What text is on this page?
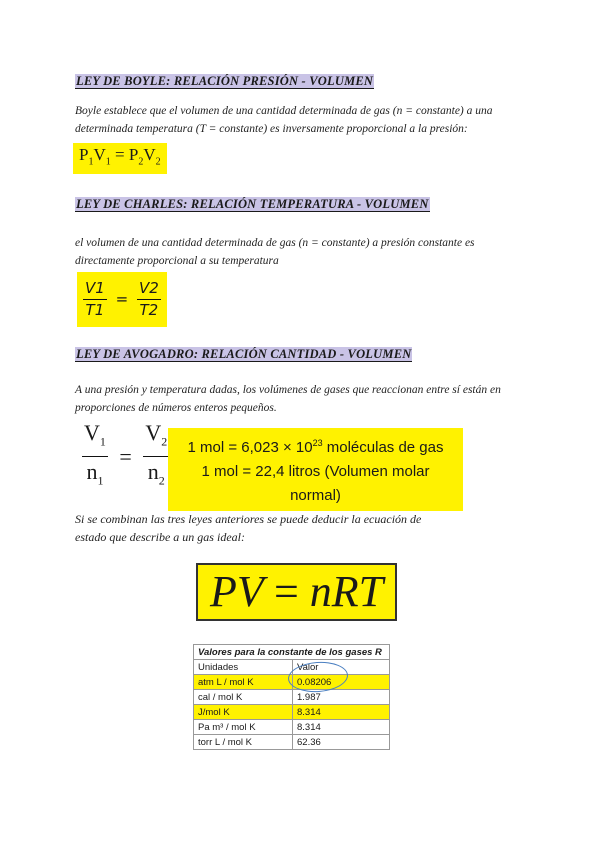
LEY DE BOYLE: RELACIÓN PRESIÓN - VOLUMEN
Boyle establece que el volumen de una cantidad determinada de gas (n = constante) a una
determinada temperatura (T = constante) es inversamente proporcional a la presión:
$P_1V_1 = P_2V_2$
LEY DE CHARLES: RELACIÓN TEMPERATURA - VOLUMEN
el volumen de una cantidad determinada de gas (n = constante) a presión constante es
directamente proporcional a su temperatura
$\frac{V1}{T1} = \frac{V2}{T2}$
LEY DE AVOGADRO: RELACIÓN CANTIDAD - VOLUMEN
A una presión y temperatura dadas, los volúmenes de gases que reaccionan entre sí están en
proporciones de números enteros pequeños.
$\frac{V_1}{n_1} = \frac{V_2}{n_2}$	1 mol = $6,023 \times 10^{23}$ moléculas de gas
1 mol = 22,4 litros (Volumen molar normal)
Si se combinan las tres leyes anteriores se puede deducir la ecuación de
estado que describe a un gas ideal:
PV = nRT
Valores para la constante de los gases R	
Unidades	Valor
atm L / mol K	0.08206
cal / mol K	1.987
J/mol K	8.314
Pa m³ / mol K	8.314
torr L / mol K	62.36
